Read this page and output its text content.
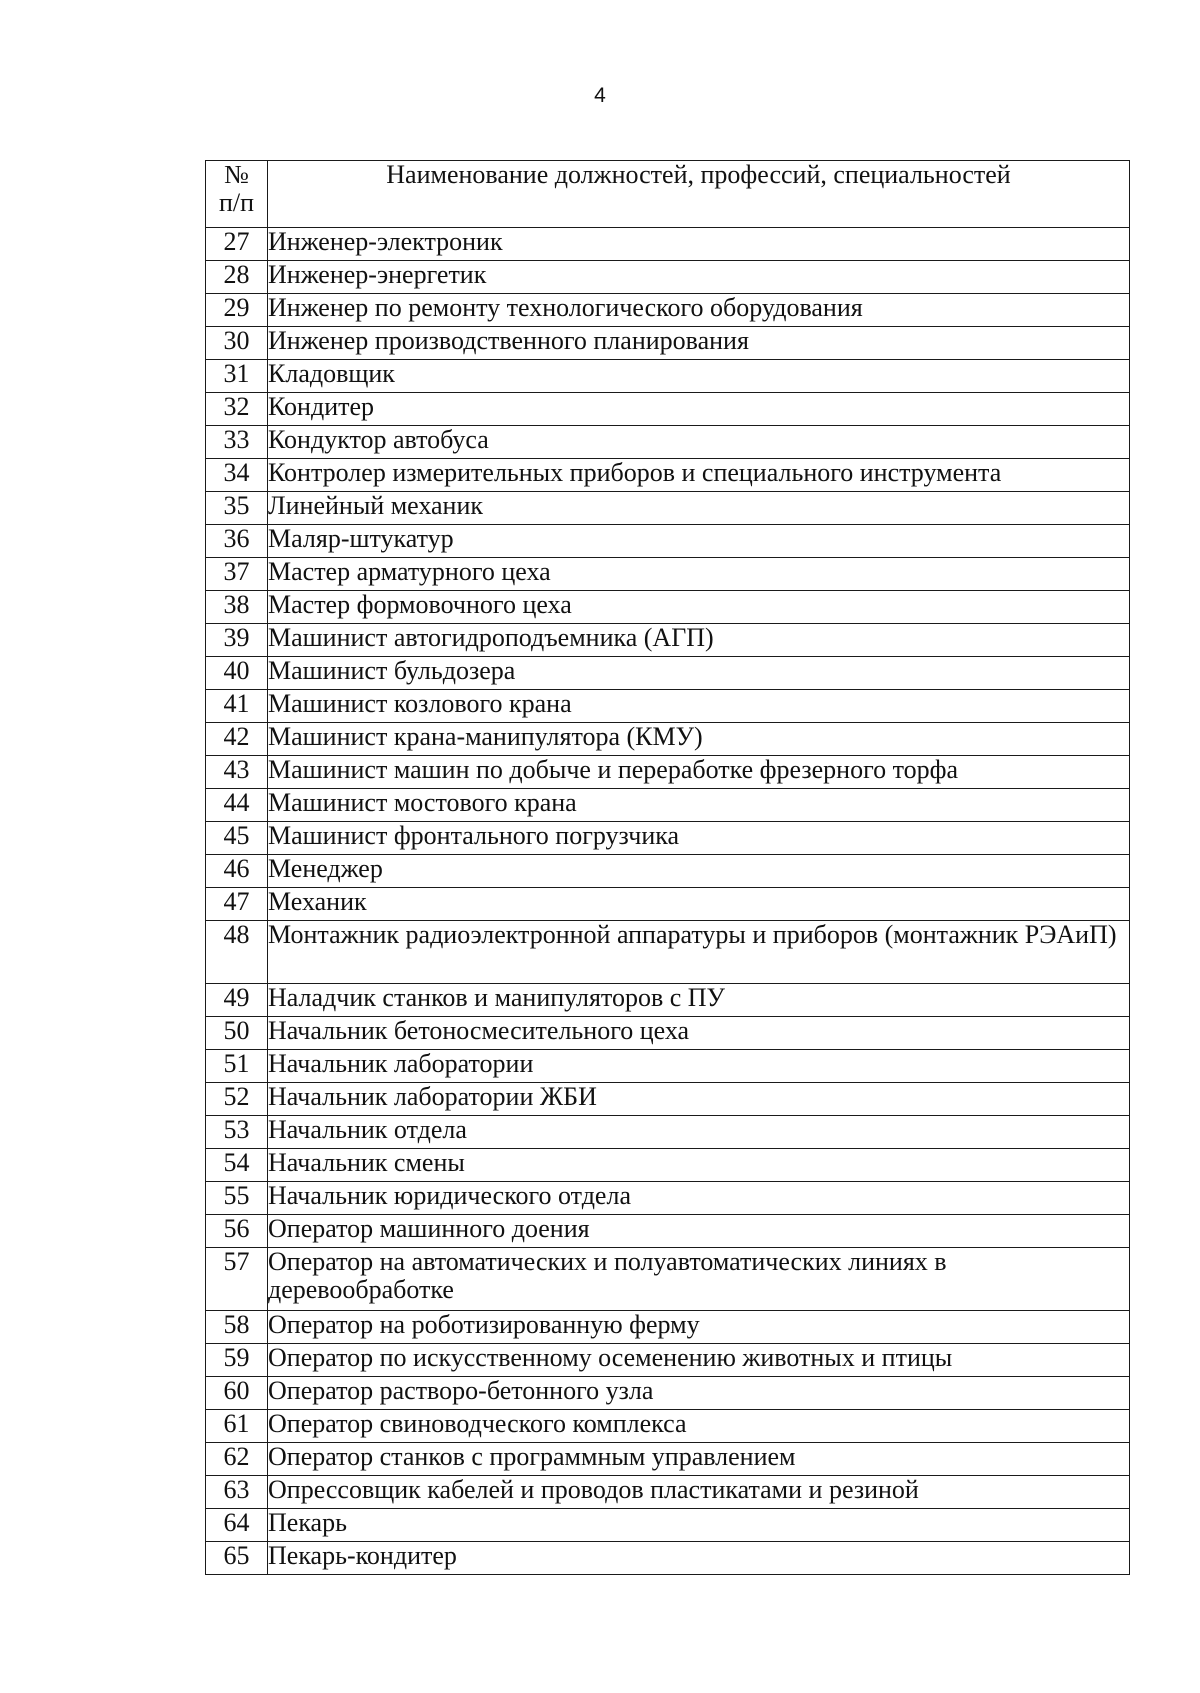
4
№
п/п	Наименование должностей, профессий, специальностей
27	Инженер-электроник
28	Инженер-энергетик
29	Инженер по ремонту технологического оборудования
30	Инженер производственного планирования
31	Кладовщик
32	Кондитер
33	Кондуктор автобуса
34	Контролер измерительных приборов и специального инструмента
35	Линейный механик
36	Маляр-штукатур
37	Мастер арматурного цеха
38	Мастер формовочного цеха
39	Машинист автогидроподъемника (АГП)
40	Машинист бульдозера
41	Машинист козлового крана
42	Машинист крана-манипулятора (КМУ)
43	Машинист машин по добыче и переработке фрезерного торфа
44	Машинист мостового крана
45	Машинист фронтального погрузчика
46	Менеджер
47	Механик
48	Монтажник радиоэлектронной аппаратуры и приборов (монтажник РЭАиП)
49	Наладчик станков и манипуляторов с ПУ
50	Начальник бетоносмесительного цеха
51	Начальник лаборатории
52	Начальник лаборатории ЖБИ
53	Начальник отдела
54	Начальник смены
55	Начальник юридического отдела
56	Оператор машинного доения
57	Оператор на автоматических и полуавтоматических линиях в деревообработке
58	Оператор на роботизированную ферму
59	Оператор по искусственному осеменению животных и птицы
60	Оператор растворо-бетонного узла
61	Оператор свиноводческого комплекса
62	Оператор станков с программным управлением
63	Опрессовщик кабелей и проводов пластикатами и резиной
64	Пекарь
65	Пекарь-кондитер
